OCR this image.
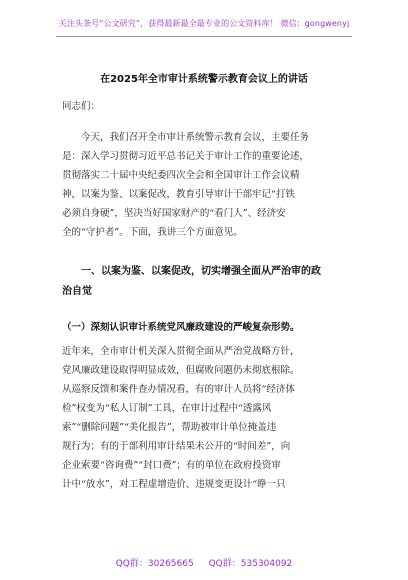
关注头条号“公文研究”，获得最新最全最专业的公文资料库！ 微信：gongwenyj
在2025年全市审计系统警示教育会议上的讲话
同志们：
今天，我们召开全市审计系统警示教育会议，主要任务
是：深入学习贯彻习近平总书记关于审计工作的重要论述，
贯彻落实二十届中央纪委四次全会和全国审计工作会议精
神，以案为鉴、以案促改，教育引导审计干部牢记“打铁
必须自身硬”，坚决当好国家财产的“看门人”、经济安
全的“守护者”。下面，我讲三个方面意见。
一、以案为鉴、以案促改，切实增强全面从严治审的政
治自觉
（一）深刻认识审计系统党风廉政建设的严峻复杂形势。
近年来，全市审计机关深入贯彻全面从严治党战略方针，
党风廉政建设取得明显成效，但腐败问题仍未彻底根除。
从巡察反馈和案件查办情况看，有的审计人员将“经济体
检”权变为“私人订制”工具，在审计过程中“透露风
索”“删除问题”“美化报告”，帮助被审计单位掩盖违
规行为；有的于部利用审计结果未公开的“时间差”，向
企业索要“咨询费”“封口费”；有的单位在政府投资审
计中“放水”，对工程虚增造价、违规变更设计“睁一只
QQ群：30265665 QQ群：535304092
